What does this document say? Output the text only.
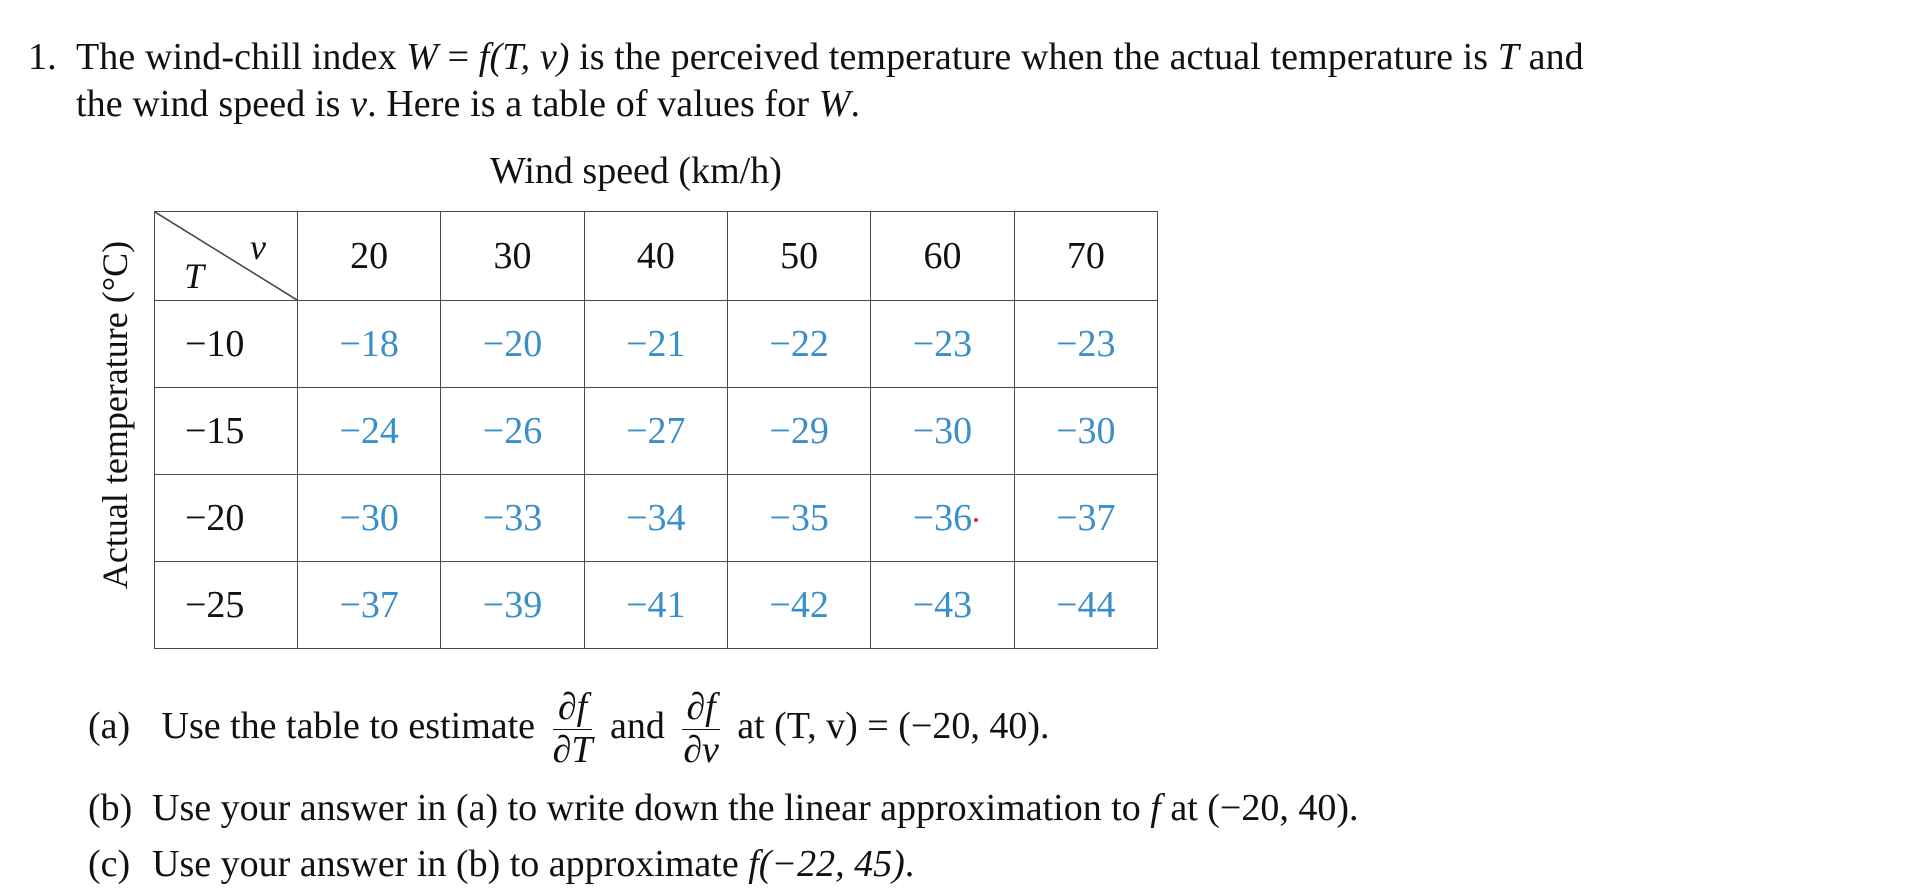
1. The wind-chill index W = f(T, v) is the perceived temperature when the actual temperature is T and
the wind speed is v. Here is a table of values for W.
Wind speed (km/h)
Actual temperature (°C)	v
T	20	30	40	50	60	70
−10	−18	−20	−21	−22	−23	−23
−15	−24	−26	−27	−29	−30	−30
−20	−30	−33	−34	−35	−36	−37
−25	−37	−39	−41	−42	−43	−44
(a) Use the table to estimate $\frac{\partial f}{\partial T}$ and $\frac{\partial f}{\partial v}$ at (T, v) = (−20, 40).
(b) Use your answer in (a) to write down the linear approximation to f at (−20, 40).
(c) Use your answer in (b) to approximate f(−22, 45).
